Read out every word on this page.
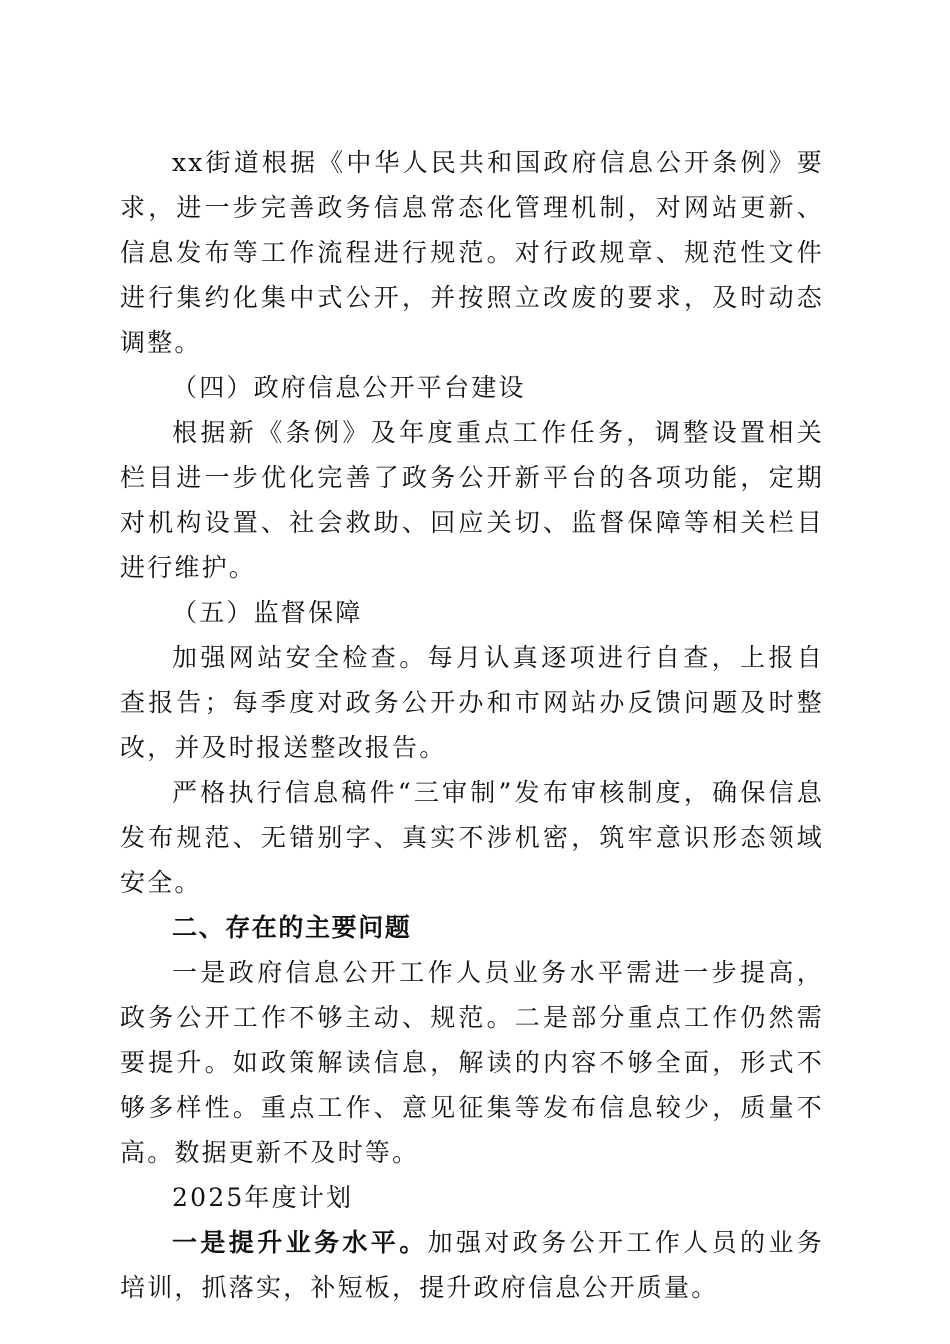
xx街道根据《中华人民共和国政府信息公开条例》要求，进一步完善政务信息常态化管理机制，对网站更新、信息发布等工作流程进行规范。对行政规章、规范性文件进行集约化集中式公开，并按照立改废的要求，及时动态调整。

（四）政府信息公开平台建设

根据新《条例》及年度重点工作任务，调整设置相关栏目进一步优化完善了政务公开新平台的各项功能，定期对机构设置、社会救助、回应关切、监督保障等相关栏目进行维护。

（五）监督保障

加强网站安全检查。每月认真逐项进行自查，上报自查报告；每季度对政务公开办和市网站办反馈问题及时整改，并及时报送整改报告。

严格执行信息稿件“三审制”发布审核制度，确保信息发布规范、无错别字、真实不涉机密，筑牢意识形态领域安全。

二、存在的主要问题

一是政府信息公开工作人员业务水平需进一步提高，政务公开工作不够主动、规范。二是部分重点工作仍然需要提升。如政策解读信息，解读的内容不够全面，形式不够多样性。重点工作、意见征集等发布信息较少，质量不高。数据更新不及时等。

2025年度计划

一是提升业务水平。加强对政务公开工作人员的业务培训，抓落实，补短板，提升政府信息公开质量。
